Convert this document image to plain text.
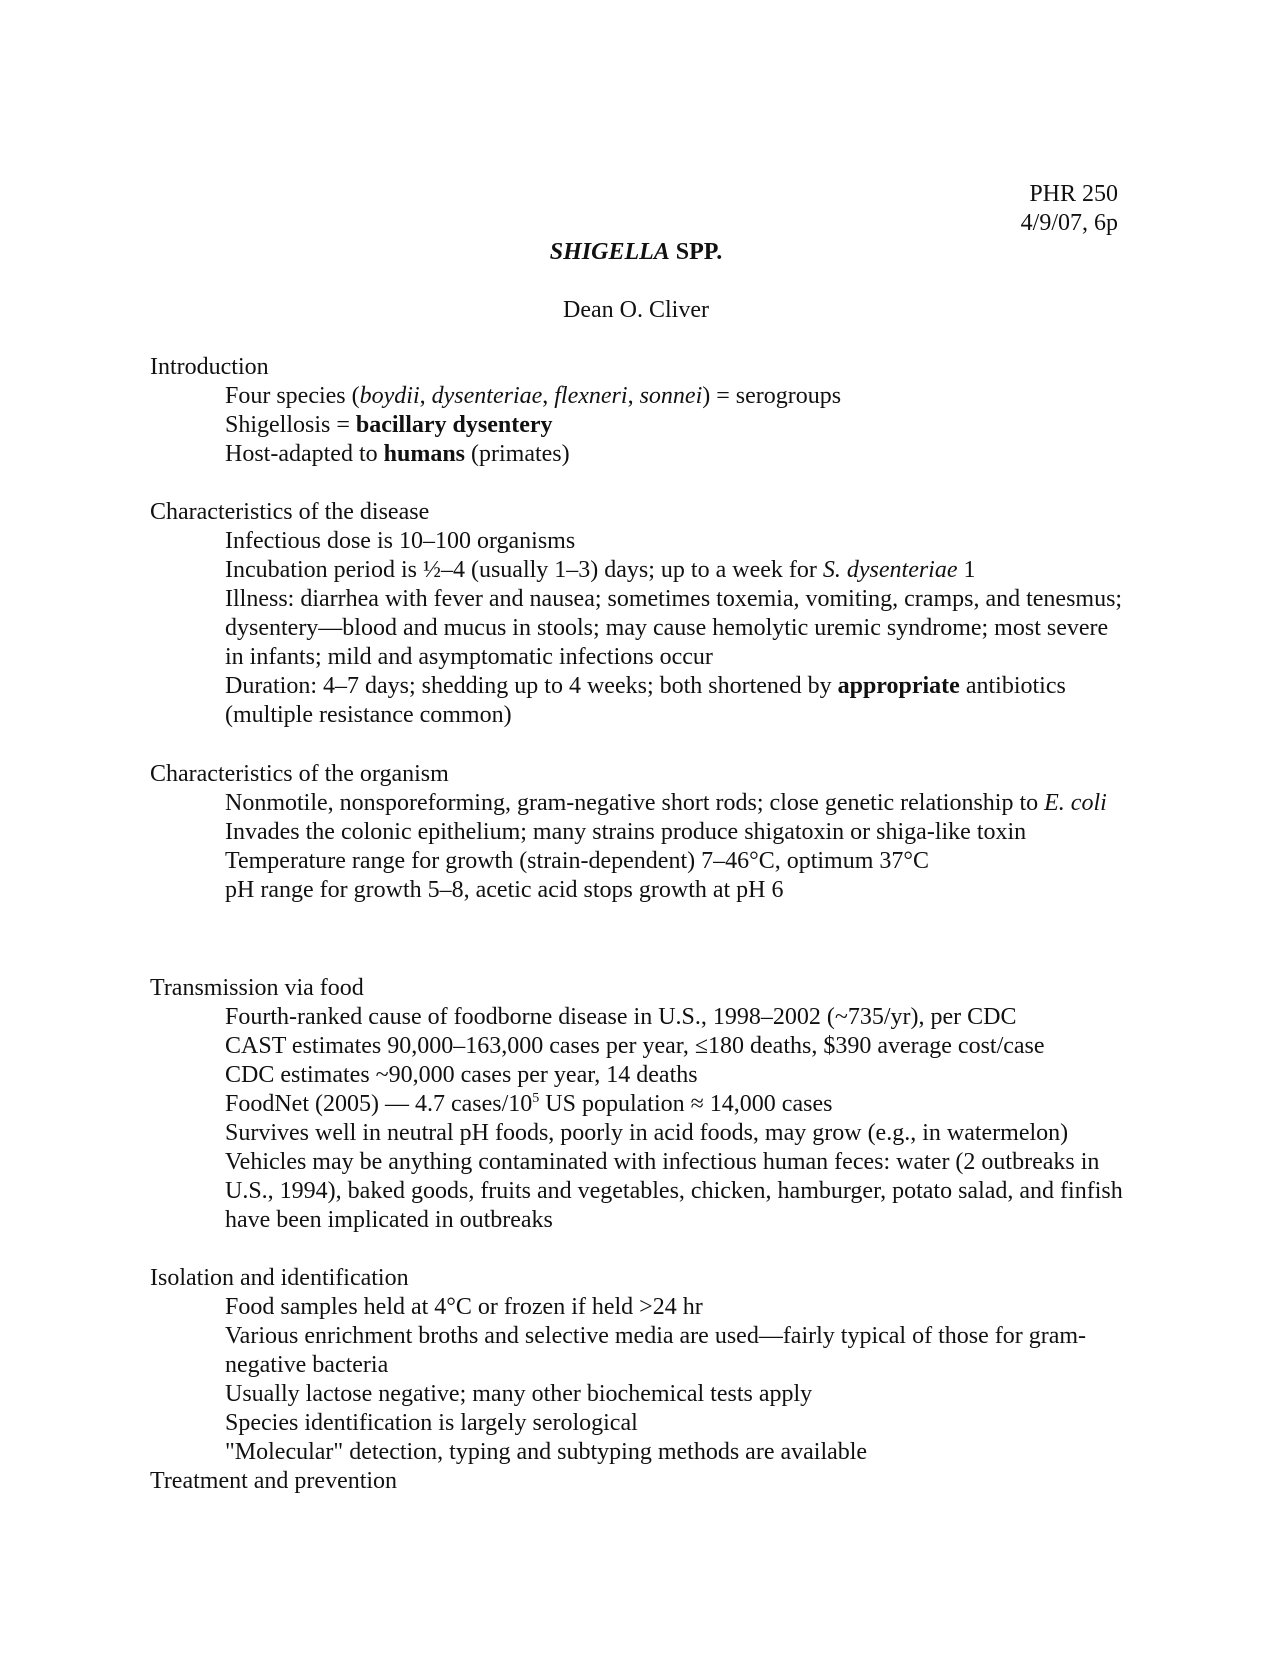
PHR 250
4/9/07, 6p
SHIGELLA SPP.
Dean O. Cliver
Introduction
Four species (boydii, dysenteriae, flexneri, sonnei) = serogroups
Shigellosis = bacillary dysentery
Host-adapted to humans (primates)
Characteristics of the disease
Infectious dose is 10–100 organisms
Incubation period is ½–4 (usually 1–3) days; up to a week for S. dysenteriae 1
Illness: diarrhea with fever and nausea; sometimes toxemia, vomiting, cramps, and tenesmus; dysentery—blood and mucus in stools; may cause hemolytic uremic syndrome; most severe in infants; mild and asymptomatic infections occur
Duration: 4–7 days; shedding up to 4 weeks; both shortened by appropriate antibiotics (multiple resistance common)
Characteristics of the organism
Nonmotile, nonsporeforming, gram-negative short rods; close genetic relationship to E. coli
Invades the colonic epithelium; many strains produce shigatoxin or shiga-like toxin
Temperature range for growth (strain-dependent) 7–46°C, optimum 37°C
pH range for growth 5–8, acetic acid stops growth at pH 6
Transmission via food
Fourth-ranked cause of foodborne disease in U.S., 1998–2002 (~735/yr), per CDC
CAST estimates 90,000–163,000 cases per year, ≤180 deaths, $390 average cost/case
CDC estimates ~90,000 cases per year, 14 deaths
FoodNet (2005) — 4.7 cases/$10^5$ US population ≈ 14,000 cases
Survives well in neutral pH foods, poorly in acid foods, may grow (e.g., in watermelon)
Vehicles may be anything contaminated with infectious human feces: water (2 outbreaks in U.S., 1994), baked goods, fruits and vegetables, chicken, hamburger, potato salad, and finfish have been implicated in outbreaks
Isolation and identification
Food samples held at 4°C or frozen if held >24 hr
Various enrichment broths and selective media are used—fairly typical of those for gram-negative bacteria
Usually lactose negative; many other biochemical tests apply
Species identification is largely serological
"Molecular" detection, typing and subtyping methods are available
Treatment and prevention
